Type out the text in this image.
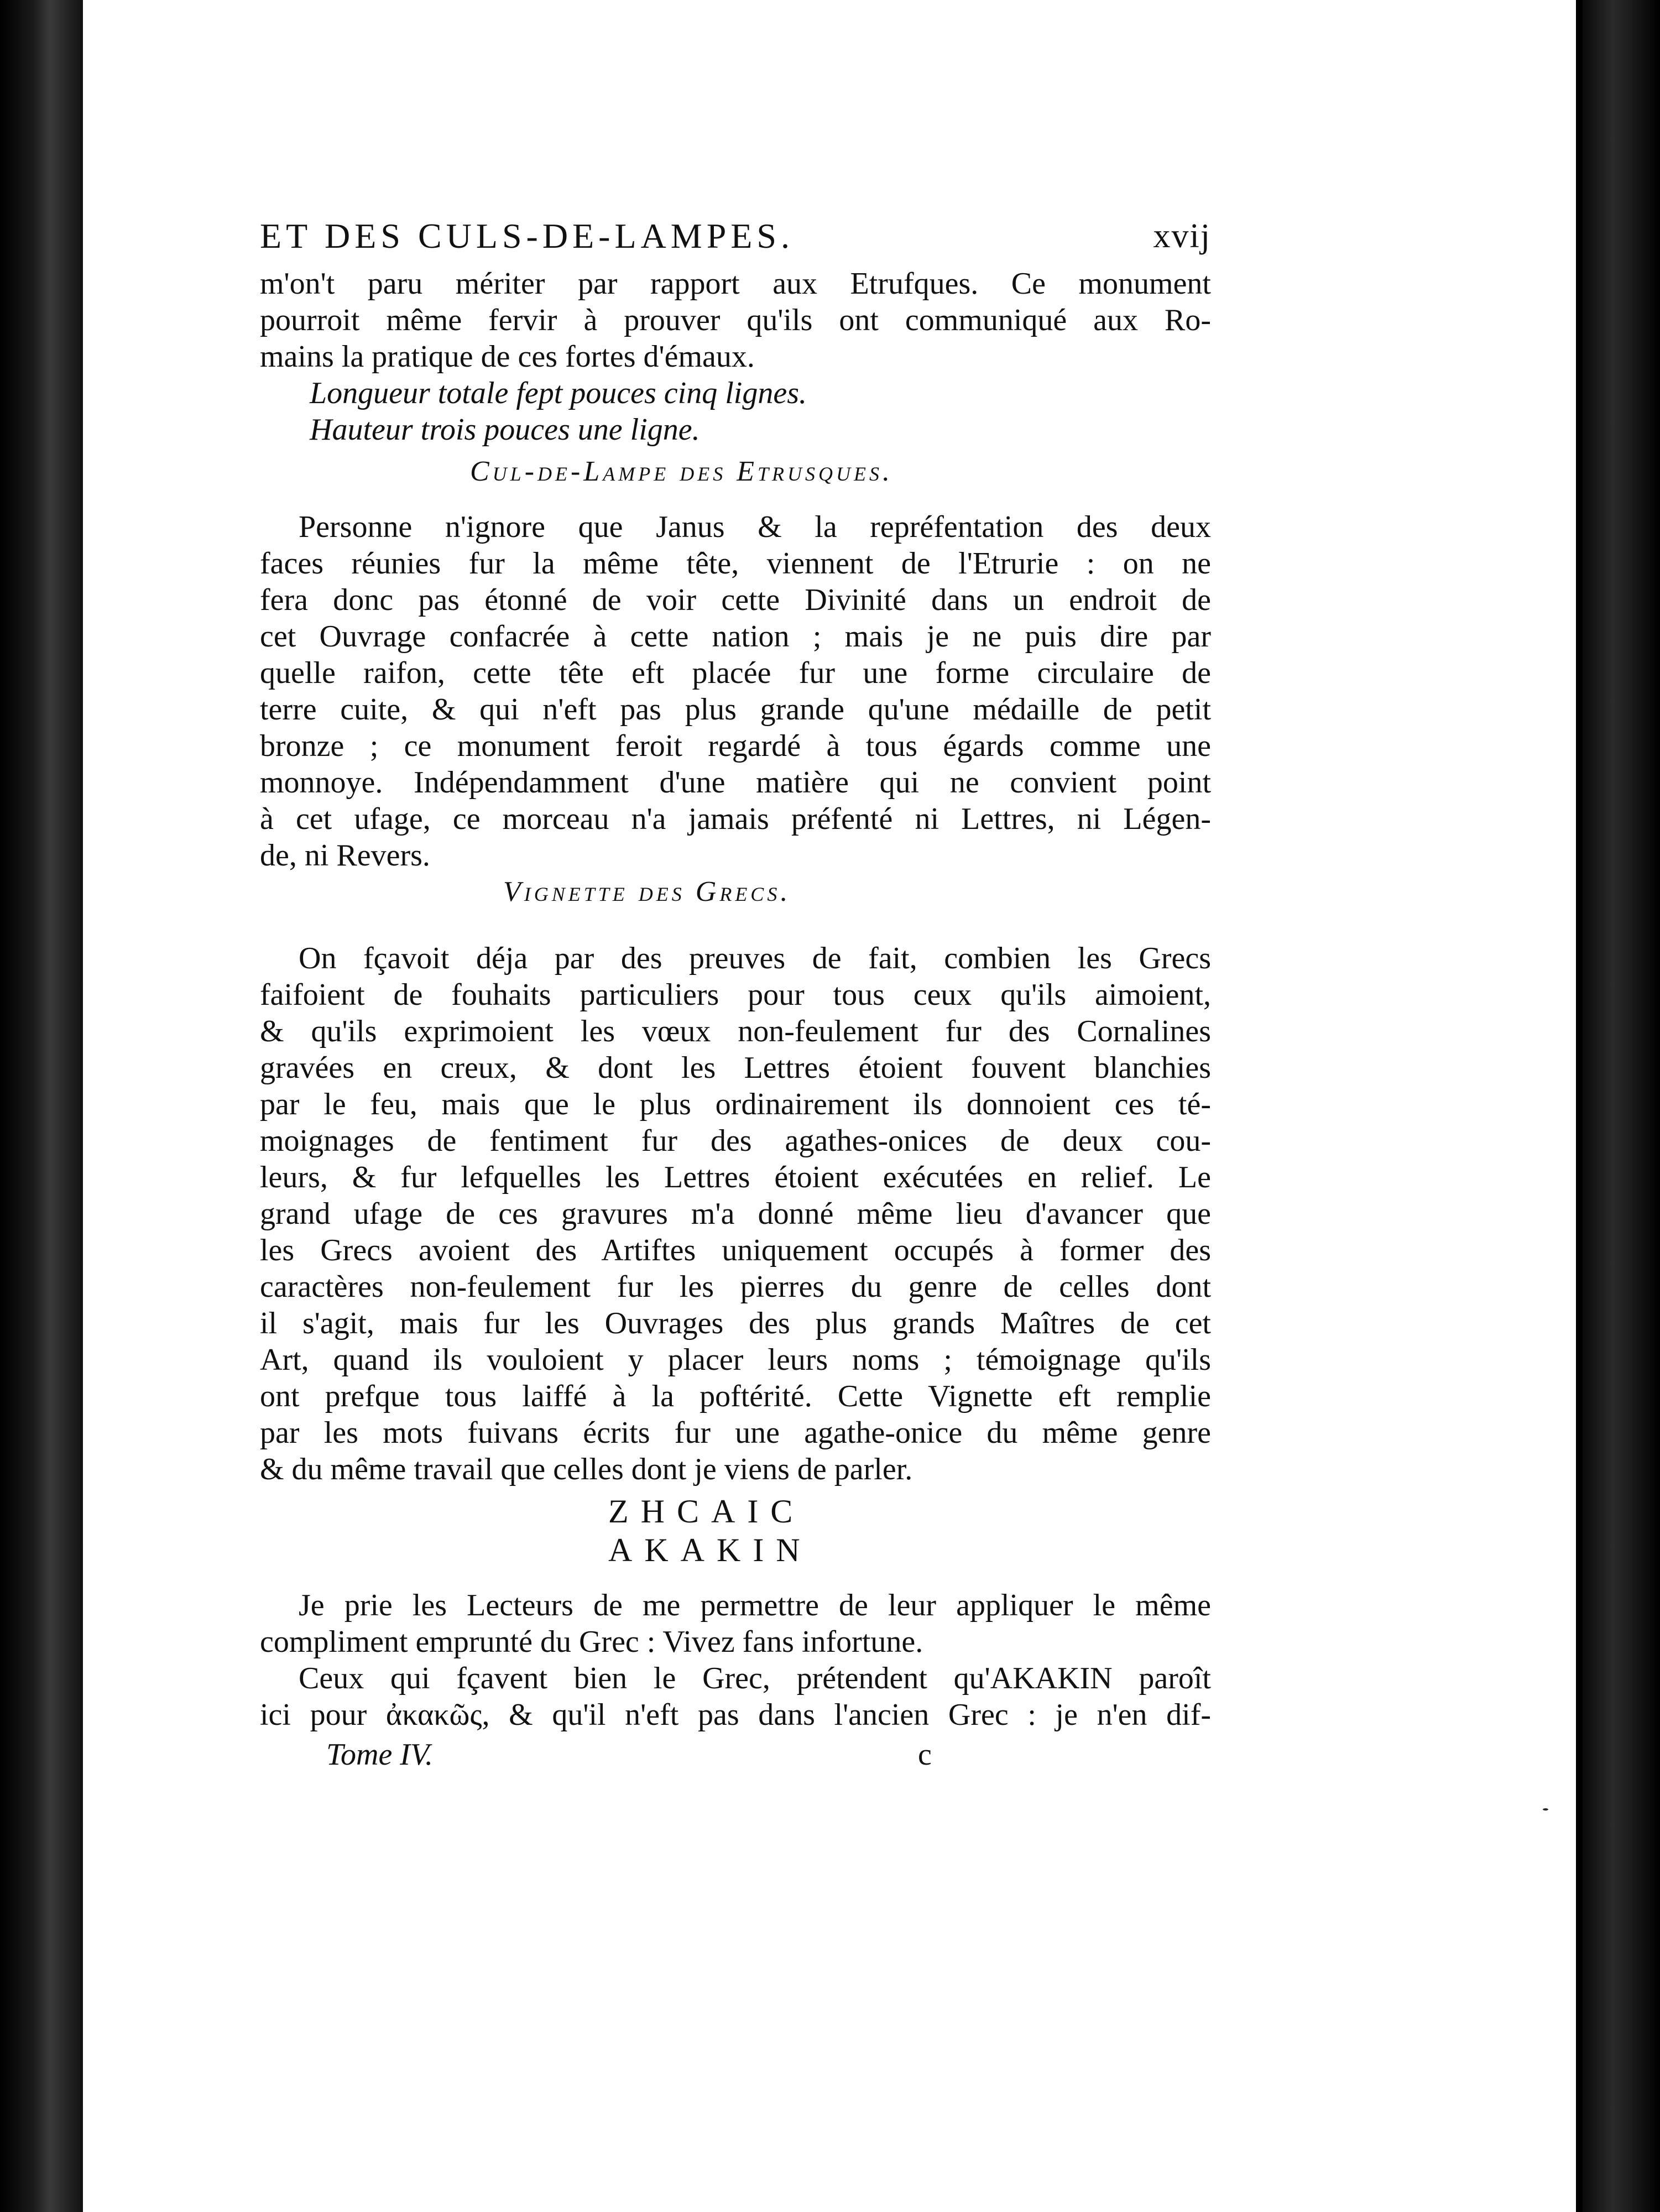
ET DES CULS-DE-LAMPES.	xvij
m'on't paru mériter par rapport aux Etrufques. Ce monument
pourroit même fervir à prouver qu'ils ont communiqué aux Ro-
mains la pratique de ces fortes d'émaux.
Longueur totale fept pouces cinq lignes.
Hauteur trois pouces une ligne.
Cul-de-Lampe des Etrusques.
Personne n'ignore que Janus & la repréfentation des deux
faces réunies fur la même tête, viennent de l'Etrurie : on ne
fera donc pas étonné de voir cette Divinité dans un endroit de
cet Ouvrage confacrée à cette nation ; mais je ne puis dire par
quelle raifon, cette tête eft placée fur une forme circulaire de
terre cuite, & qui n'eft pas plus grande qu'une médaille de petit
bronze ; ce monument feroit regardé à tous égards comme une
monnoye. Indépendamment d'une matière qui ne convient point
à cet ufage, ce morceau n'a jamais préfenté ni Lettres, ni Légen-
de, ni Revers.
Vignette des Grecs.
On fçavoit déja par des preuves de fait, combien les Grecs
faifoient de fouhaits particuliers pour tous ceux qu'ils aimoient,
& qu'ils exprimoient les vœux non-feulement fur des Cornalines
gravées en creux, & dont les Lettres étoient fouvent blanchies
par le feu, mais que le plus ordinairement ils donnoient ces té-
moignages de fentiment fur des agathes-onices de deux cou-
leurs, & fur lefquelles les Lettres étoient exécutées en relief. Le
grand ufage de ces gravures m'a donné même lieu d'avancer que
les Grecs avoient des Artiftes uniquement occupés à former des
caractères non-feulement fur les pierres du genre de celles dont
il s'agit, mais fur les Ouvrages des plus grands Maîtres de cet
Art, quand ils vouloient y placer leurs noms ; témoignage qu'ils
ont prefque tous laiffé à la poftérité. Cette Vignette eft remplie
par les mots fuivans écrits fur une agathe-onice du même genre
& du même travail que celles dont je viens de parler.
ZHCAIC
AKAKIN
Je prie les Lecteurs de me permettre de leur appliquer le même
compliment emprunté du Grec : Vivez fans infortune.
Ceux qui fçavent bien le Grec, prétendent qu'AKAKIN paroît
ici pour ἀκακῶς, & qu'il n'eft pas dans l'ancien Grec : je n'en dif-
Tome IV.	c
